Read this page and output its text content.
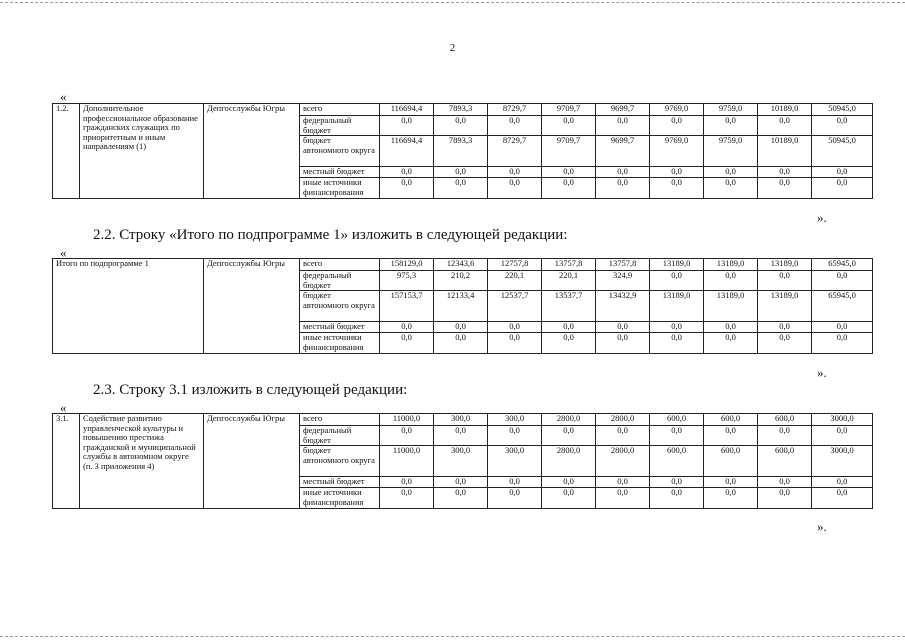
2
«
1.2.	Дополнительное профессиональное образование гражданских служащих по приоритетным и иным направлениям (1)	Депгосслужбы Югры	всего	116694,4	7893,3	8729,7	9709,7	9699,7	9769,0	9759,0	10189,0	50945,0
			федеральный бюджет	0,0	0,0	0,0	0,0	0,0	0,0	0,0	0,0	0,0
			бюджет автономного округа	116694,4	7893,3	8729,7	9709,7	9699,7	9769,0	9759,0	10189,0	50945,0
			местный бюджет	0,0	0,0	0,0	0,0	0,0	0,0	0,0	0,0	0,0
			иные источники финансирования	0,0	0,0	0,0	0,0	0,0	0,0	0,0	0,0	0,0
».
2.2. Строку «Итого по подпрограмме 1» изложить в следующей редакции:
«
Итого по подпрограмме 1	Депгосслужбы Югры	всего	158129,0	12343,6	12757,8	13757,8	13757,8	13189,0	13189,0	13189,0	65945,0
		федеральный бюджет	975,3	210,2	220,1	220,1	324,9	0,0	0,0	0,0	0,0
		бюджет автономного округа	157153,7	12133,4	12537,7	13537,7	13432,9	13189,0	13189,0	13189,0	65945,0
		местный бюджет	0,0	0,0	0,0	0,0	0,0	0,0	0,0	0,0	0,0
		иные источники финансирования	0,0	0,0	0,0	0,0	0,0	0,0	0,0	0,0	0,0
».
2.3. Строку 3.1 изложить в следующей редакции:
«
3.1.	Содействие развитию управленческой культуры и повышению престижа гражданской и муниципальной службы в автономном округе (п. 3 приложения 4)	Депгосслужбы Югры	всего	11000,0	300,0	300,0	2800,0	2800,0	600,0	600,0	600,0	3000,0
			федеральный бюджет	0,0	0,0	0,0	0,0	0,0	0,0	0,0	0,0	0,0
			бюджет автономного округа	11000,0	300,0	300,0	2800,0	2800,0	600,0	600,0	600,0	3000,0
			местный бюджет	0,0	0,0	0,0	0,0	0,0	0,0	0,0	0,0	0,0
			иные источники финансирования	0,0	0,0	0,0	0,0	0,0	0,0	0,0	0,0	0,0
».
